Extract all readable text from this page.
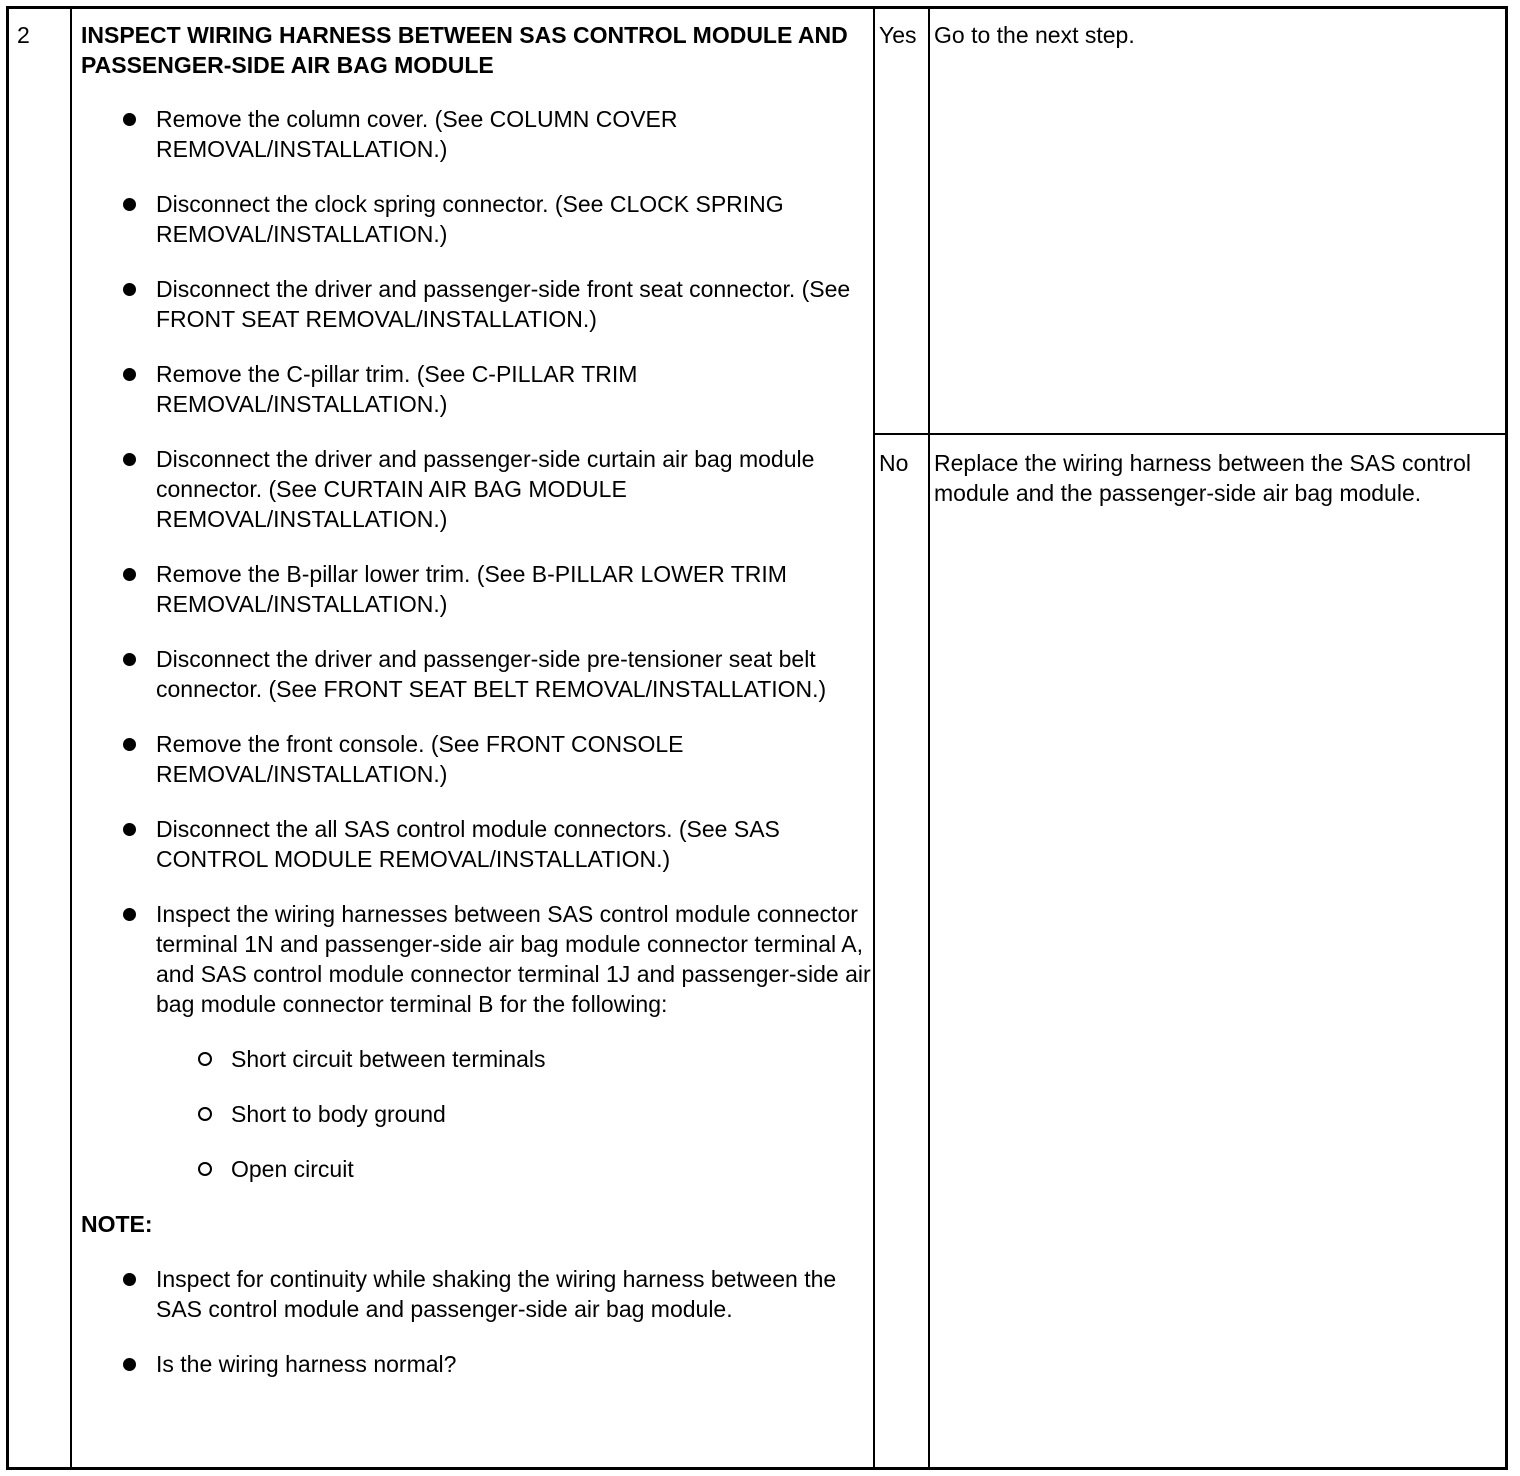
2 INSPECT WIRING HARNESS BETWEEN SAS CONTROL MODULE AND PASSENGER-SIDE AIR BAG MODULE
Remove the column cover. (See COLUMN COVER REMOVAL/INSTALLATION.)
Disconnect the clock spring connector. (See CLOCK SPRING REMOVAL/INSTALLATION.)
Disconnect the driver and passenger-side front seat connector. (See FRONT SEAT REMOVAL/INSTALLATION.)
Remove the C-pillar trim. (See C-PILLAR TRIM REMOVAL/INSTALLATION.)
Disconnect the driver and passenger-side curtain air bag module connector. (See CURTAIN AIR BAG MODULE REMOVAL/INSTALLATION.)
Remove the B-pillar lower trim. (See B-PILLAR LOWER TRIM REMOVAL/INSTALLATION.)
Disconnect the driver and passenger-side pre-tensioner seat belt connector. (See FRONT SEAT BELT REMOVAL/INSTALLATION.)
Remove the front console. (See FRONT CONSOLE REMOVAL/INSTALLATION.)
Disconnect the all SAS control module connectors. (See SAS CONTROL MODULE REMOVAL/INSTALLATION.)
Inspect the wiring harnesses between SAS control module connector terminal 1N and passenger-side air bag module connector terminal A, and SAS control module connector terminal 1J and passenger-side air bag module connector terminal B for the following:
Short circuit between terminals
Short to body ground
Open circuit
NOTE:
Inspect for continuity while shaking the wiring harness between the SAS control module and passenger-side air bag module.
Is the wiring harness normal?
Yes Go to the next step.
No Replace the wiring harness between the SAS control module and the passenger-side air bag module.
